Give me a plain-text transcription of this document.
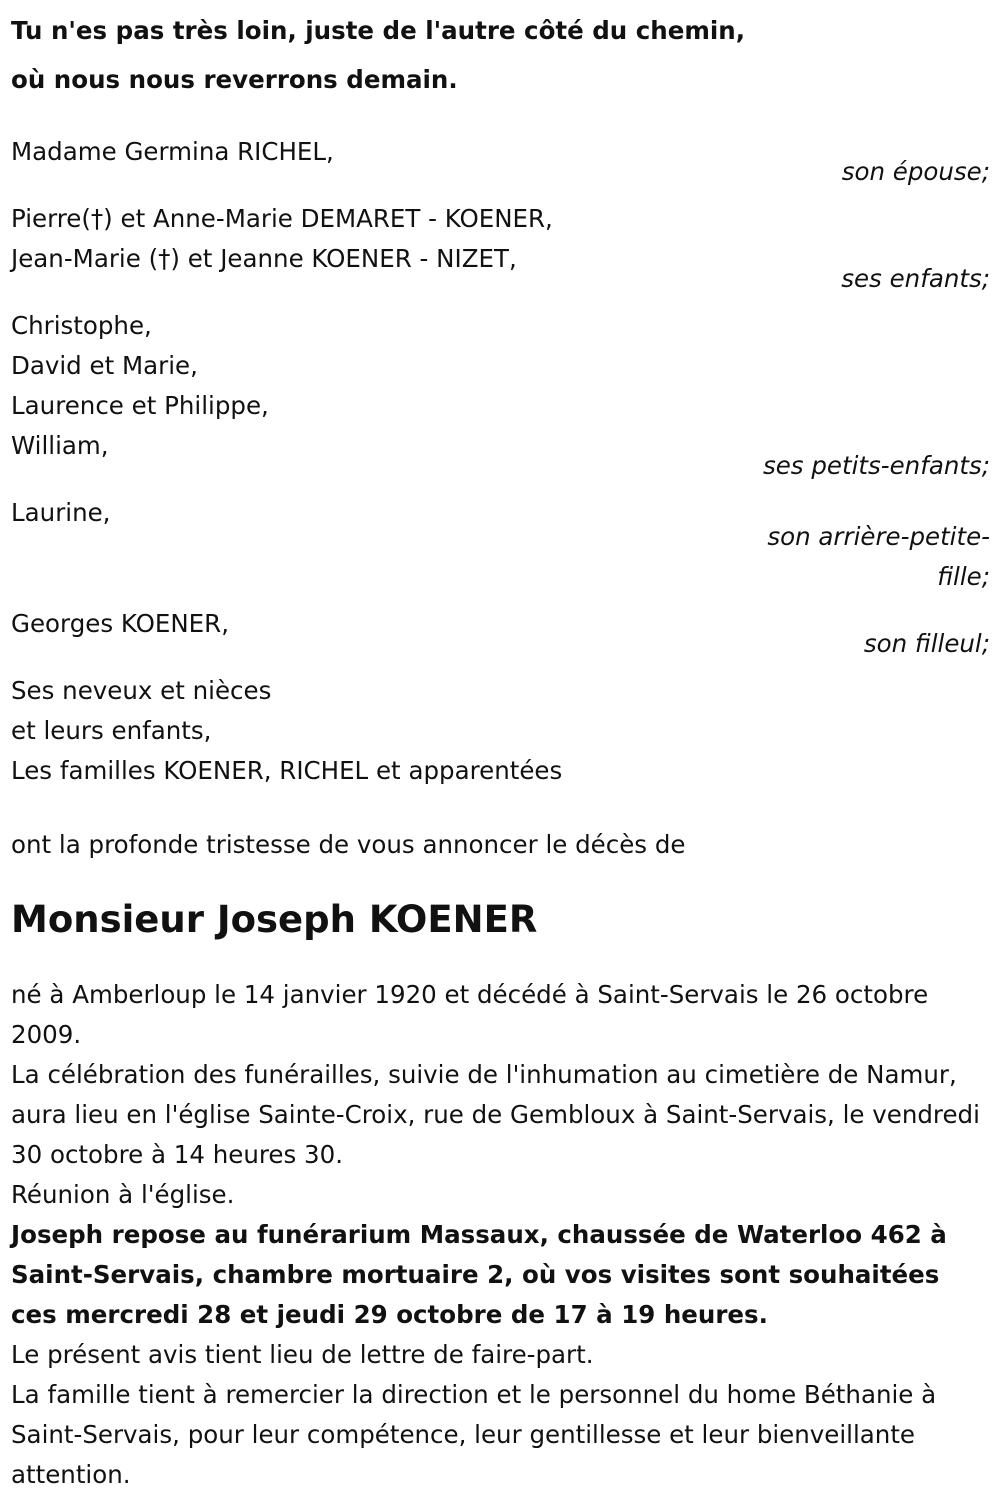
Tu n'es pas très loin, juste de l'autre côté du chemin,
où nous nous reverrons demain.
Madame Germina RICHEL,
son épouse;
Pierre(†) et Anne-Marie DEMARET - KOENER,
Jean-Marie (†) et Jeanne KOENER - NIZET,
ses enfants;
Christophe,
David et Marie,
Laurence et Philippe,
William,
ses petits-enfants;
Laurine,
son arrière-petite-fille;
Georges KOENER,
son filleul;
Ses neveux et nièces
et leurs enfants,
Les familles KOENER, RICHEL et apparentées
ont la profonde tristesse de vous annoncer le décès de
Monsieur Joseph KOENER

né à Amberloup le 14 janvier 1920 et décédé à Saint-Servais le 26 octobre 2009.

La célébration des funérailles, suivie de l'inhumation au cimetière de Namur, aura lieu en l'église Sainte-Croix, rue de Gembloux à Saint-Servais, le vendredi 30 octobre à 14 heures 30.

Réunion à l'église.

Joseph repose au funérarium Massaux, chaussée de Waterloo 462 à Saint-Servais, chambre mortuaire 2, où vos visites sont souhaitées ces mercredi 28 et jeudi 29 octobre de 17 à 19 heures.

Le présent avis tient lieu de lettre de faire-part.

La famille tient à remercier la direction et le personnel du home Béthanie à Saint-Servais, pour leur compétence, leur gentillesse et leur bienveillante attention.
